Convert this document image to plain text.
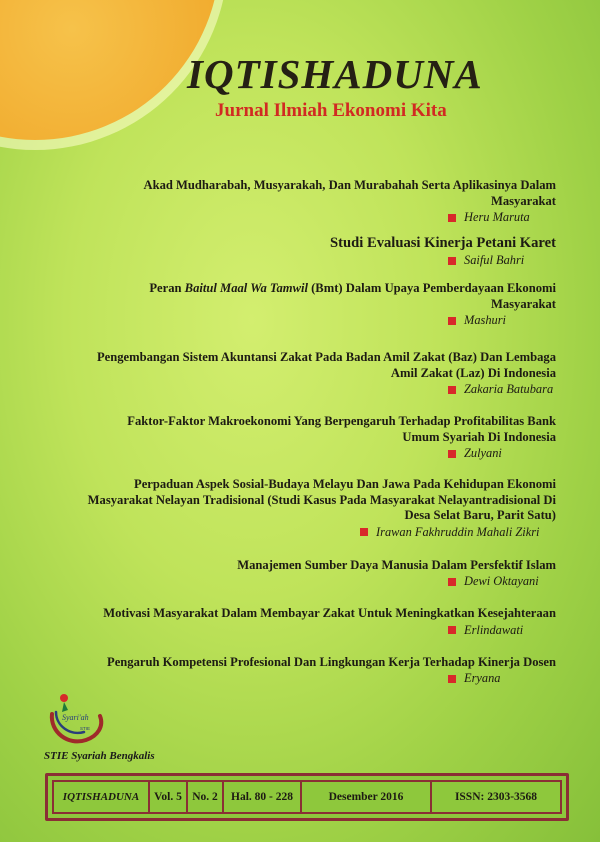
IQTISHADUNA
Jurnal Ilmiah Ekonomi Kita
Akad Mudharabah, Musyarakah, Dan Murabahah Serta Aplikasinya Dalam
Masyarakat
Heru Maruta
Studi Evaluasi Kinerja Petani Karet
Saiful Bahri
Peran Baitul Maal Wa Tamwil (Bmt) Dalam Upaya Pemberdayaan Ekonomi
Masyarakat
Mashuri
Pengembangan Sistem Akuntansi Zakat Pada Badan Amil Zakat (Baz) Dan Lembaga
Amil Zakat (Laz) Di Indonesia
Zakaria Batubara
Faktor-Faktor Makroekonomi Yang Berpengaruh Terhadap Profitabilitas Bank
Umum Syariah Di Indonesia
Zulyani
Perpaduan Aspek Sosial-Budaya Melayu Dan Jawa Pada Kehidupan Ekonomi
Masyarakat Nelayan Tradisional (Studi Kasus Pada Masyarakat Nelayantradisional Di
Desa Selat Baru, Parit Satu)
Irawan Fakhruddin Mahali Zikri
Manajemen Sumber Daya Manusia Dalam Persfektif Islam
Dewi Oktayani
Motivasi Masyarakat Dalam Membayar Zakat Untuk Meningkatkan Kesejahteraan
Erlindawati
Pengaruh Kompetensi Profesional Dan Lingkungan Kerja Terhadap Kinerja Dosen
Eryana
Syari'ah
STIE
STIE Syariah Bengkalis
IQTISHADUNA	Vol. 5 No. 2	Hal. 80 - 228	Desember 2016	ISSN: 2303-3568
